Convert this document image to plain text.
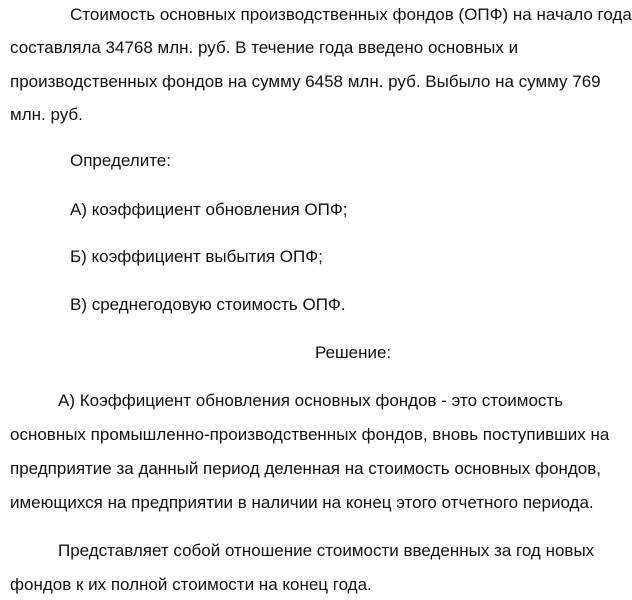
Стоимость основных производственных фондов (ОПФ) на начало года

составляла 34768 млн. руб. В течение года введено основных и

производственных фондов на сумму 6458 млн. руб. Выбыло на сумму 769

млн. руб.

Определите:

А) коэффициент обновления ОПФ;

Б) коэффициент выбытия ОПФ;

В) среднегодовую стоимость ОПФ.

Решение:

А) Коэффициент обновления основных фондов - это стоимость

основных промышленно-производственных фондов, вновь поступивших на

предприятие за данный период деленная на стоимость основных фондов,

имеющихся на предприятии в наличии на конец этого отчетного периода.

Представляет собой отношение стоимости введенных за год новых

фондов к их полной стоимости на конец года.
